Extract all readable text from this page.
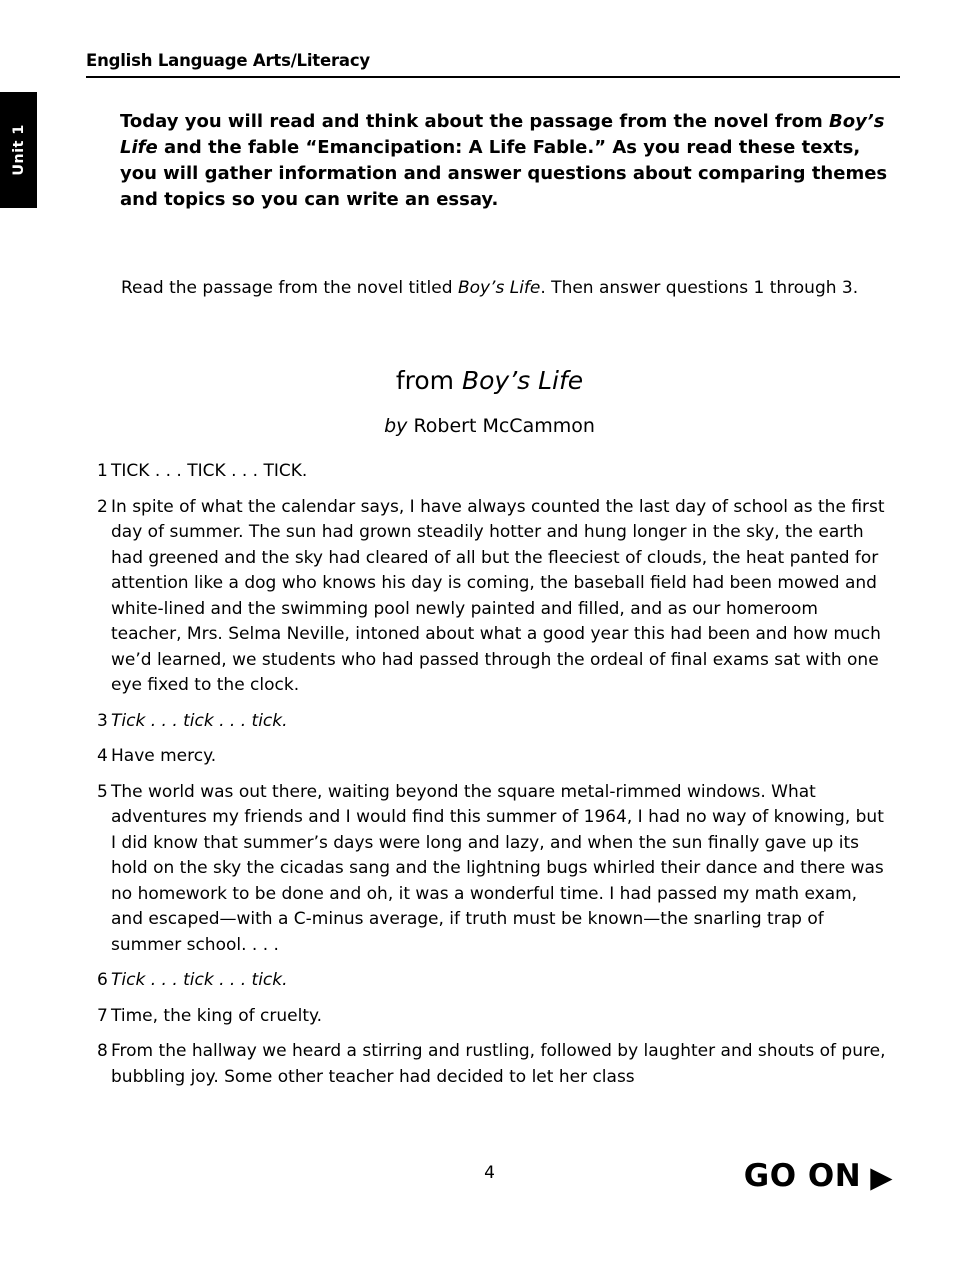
English Language Arts/Literacy
Unit 1
Today you will read and think about the passage from the novel from Boy’s Life and the fable “Emancipation: A Life Fable.” As you read these texts, you will gather information and answer questions about comparing themes and topics so you can write an essay.
Read the passage from the novel titled Boy’s Life. Then answer questions 1 through 3.
from Boy’s Life
by Robert McCammon
1 TICK . . . TICK . . . TICK.
2 In spite of what the calendar says, I have always counted the last day of school as the first day of summer. The sun had grown steadily hotter and hung longer in the sky, the earth had greened and the sky had cleared of all but the fleeciest of clouds, the heat panted for attention like a dog who knows his day is coming, the baseball field had been mowed and white-lined and the swimming pool newly painted and filled, and as our homeroom teacher, Mrs. Selma Neville, intoned about what a good year this had been and how much we’d learned, we students who had passed through the ordeal of final exams sat with one eye fixed to the clock.
3 Tick . . . tick . . . tick.
4 Have mercy.
5 The world was out there, waiting beyond the square metal-rimmed windows. What adventures my friends and I would find this summer of 1964, I had no way of knowing, but I did know that summer’s days were long and lazy, and when the sun finally gave up its hold on the sky the cicadas sang and the lightning bugs whirled their dance and there was no homework to be done and oh, it was a wonderful time. I had passed my math exam, and escaped—with a C-minus average, if truth must be known—the snarling trap of summer school. . . .
6 Tick . . . tick . . . tick.
7 Time, the king of cruelty.
8 From the hallway we heard a stirring and rustling, followed by laughter and shouts of pure, bubbling joy. Some other teacher had decided to let her class
4	GO ON ▶
